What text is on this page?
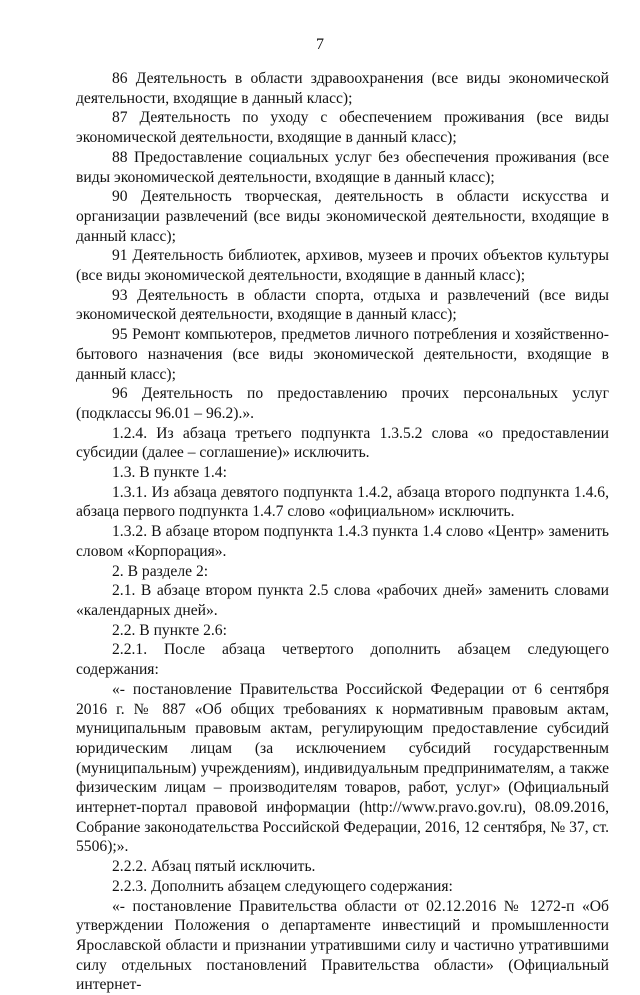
7

86 Деятельность в области здравоохранения (все виды экономической деятельности, входящие в данный класс);

87 Деятельность по уходу с обеспечением проживания (все виды экономической деятельности, входящие в данный класс);

88 Предоставление социальных услуг без обеспечения проживания (все виды экономической деятельности, входящие в данный класс);

90 Деятельность творческая, деятельность в области искусства и организации развлечений (все виды экономической деятельности, входящие в данный класс);

91 Деятельность библиотек, архивов, музеев и прочих объектов культуры (все виды экономической деятельности, входящие в данный класс);

93 Деятельность в области спорта, отдыха и развлечений (все виды экономической деятельности, входящие в данный класс);

95 Ремонт компьютеров, предметов личного потребления и хозяйственно-бытового назначения (все виды экономической деятельности, входящие в данный класс);

96 Деятельность по предоставлению прочих персональных услуг (подклассы 96.01 – 96.2).».

1.2.4. Из абзаца третьего подпункта 1.3.5.2 слова «о предоставлении субсидии (далее – соглашение)» исключить.

1.3. В пункте 1.4:

1.3.1. Из абзаца девятого подпункта 1.4.2, абзаца второго подпункта 1.4.6, абзаца первого подпункта 1.4.7 слово «официальном» исключить.

1.3.2. В абзаце втором подпункта 1.4.3 пункта 1.4 слово «Центр» заменить словом «Корпорация».

2. В разделе 2:

2.1. В абзаце втором пункта 2.5 слова «рабочих дней» заменить словами «календарных дней».

2.2. В пункте 2.6:

2.2.1. После абзаца четвертого дополнить абзацем следующего содержания:

«- постановление Правительства Российской Федерации от 6 сентября 2016 г. № 887 «Об общих требованиях к нормативным правовым актам, муниципальным правовым актам, регулирующим предоставление субсидий юридическим лицам (за исключением субсидий государственным (муниципальным) учреждениям), индивидуальным предпринимателям, а также физическим лицам – производителям товаров, работ, услуг» (Официальный интернет-портал правовой информации (http://www.pravo.gov.ru), 08.09.2016, Собрание законодательства Российской Федерации, 2016, 12 сентября, № 37, ст. 5506);».

2.2.2. Абзац пятый исключить.

2.2.3. Дополнить абзацем следующего содержания:

«- постановление Правительства области от 02.12.2016 № 1272-п «Об утверждении Положения о департаменте инвестиций и промышленности Ярославской области и признании утратившими силу и частично утратившими силу отдельных постановлений Правительства области» (Официальный интернет-
